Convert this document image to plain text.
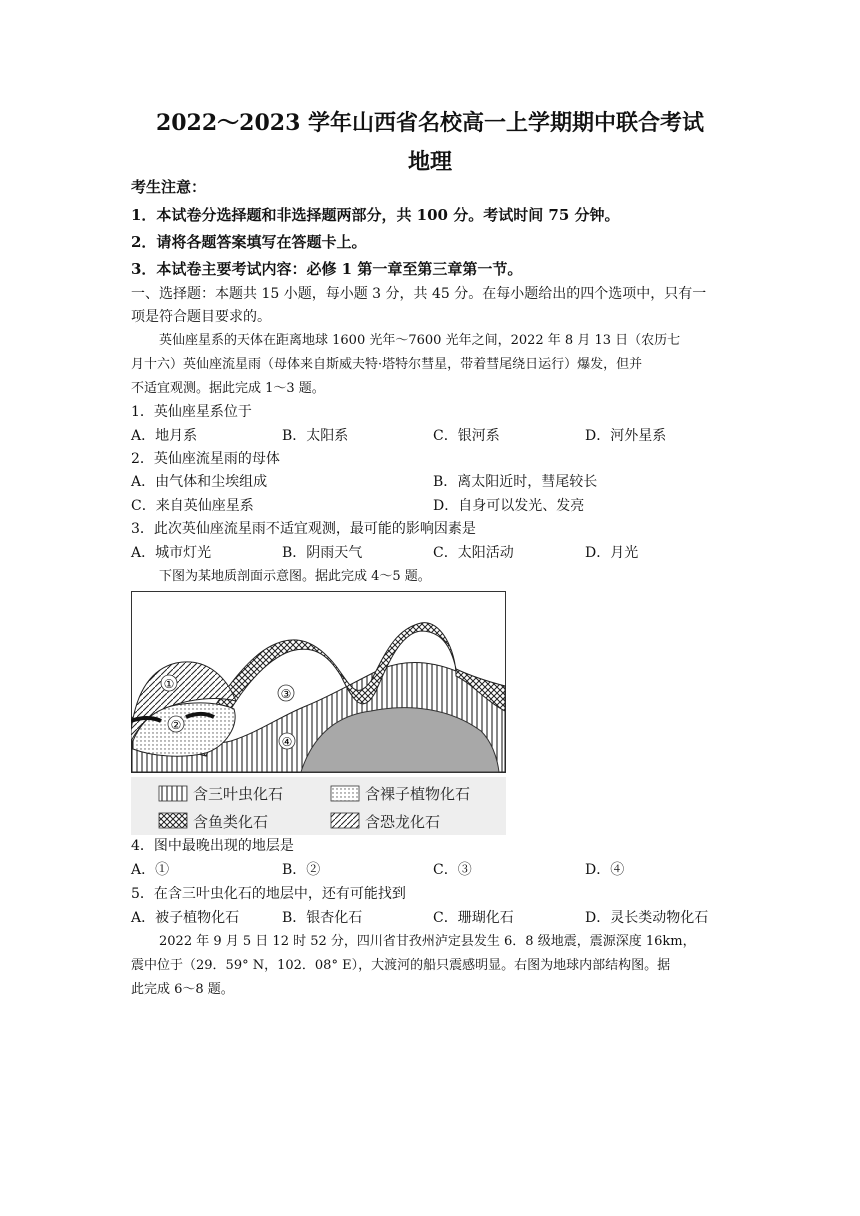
2022～2023 学年山西省名校高一上学期期中联合考试
地理
考生注意：
1．本试卷分选择题和非选择题两部分，共 100 分。考试时间 75 分钟。
2．请将各题答案填写在答题卡上。
3．本试卷主要考试内容：必修 1 第一章至第三章第一节。
一、选择题：本题共 15 小题，每小题 3 分，共 45 分。在每小题给出的四个选项中，只有一
项是符合题目要求的。
英仙座星系的天体在距离地球 1600 光年～7600 光年之间，2022 年 8 月 13 日（农历七
月十六）英仙座流星雨（母体来自斯威夫特·塔特尔彗星，带着彗尾绕日运行）爆发，但并
不适宜观测。据此完成 1～3 题。
1．英仙座星系位于
A．地月系	B．太阳系	C．银河系	D．河外星系
2．英仙座流星雨的母体
A．由气体和尘埃组成	B．离太阳近时，彗尾较长
C．来自英仙座星系	D．自身可以发光、发亮
3．此次英仙座流星雨不适宜观测，最可能的影响因素是
A．城市灯光	B．阴雨天气	C．太阳活动	D．月光
下图为某地质剖面示意图。据此完成 4～5 题。
①
②
③
④
含三叶虫化石	含裸子植物化石
含鱼类化石	含恐龙化石
4．图中最晚出现的地层是
A．①	B．②	C．③	D．④
5．在含三叶虫化石的地层中，还有可能找到
A．被子植物化石	B．银杏化石	C．珊瑚化石	D．灵长类动物化石
2022 年 9 月 5 日 12 时 52 分，四川省甘孜州泸定县发生 6．8 级地震，震源深度 16km，
震中位于（29．59° N，102．08° E），大渡河的船只震感明显。右图为地球内部结构图。据
此完成 6～8 题。
